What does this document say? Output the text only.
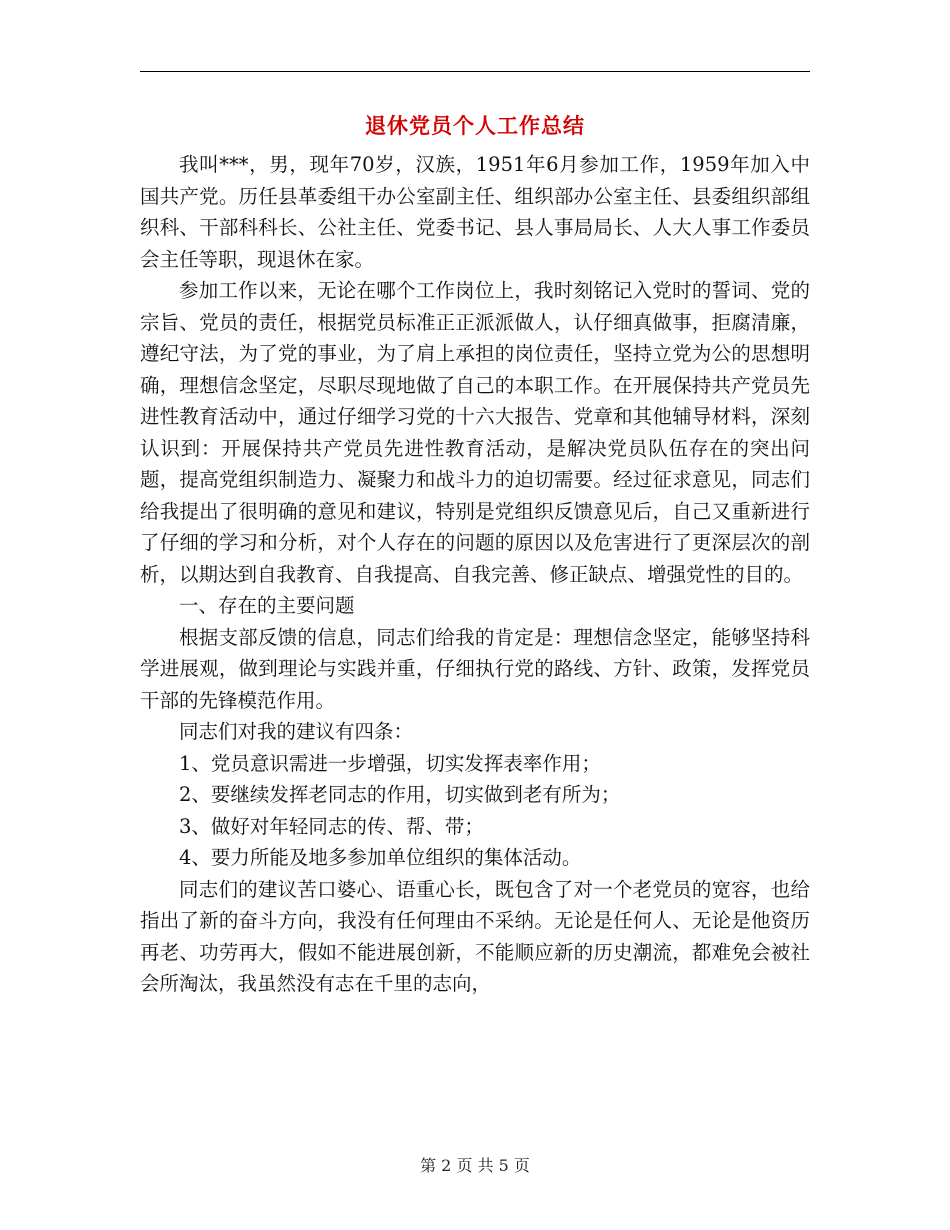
退休党员个人工作总结

我叫***，男，现年70岁，汉族，1951年6月参加工作，1959年加入中国共产党。历任县革委组干办公室副主任、组织部办公室主任、县委组织部组织科、干部科科长、公社主任、党委书记、县人事局局长、人大人事工作委员会主任等职，现退休在家。

参加工作以来，无论在哪个工作岗位上，我时刻铭记入党时的誓词、党的宗旨、党员的责任，根据党员标准正正派派做人，认仔细真做事，拒腐清廉，遵纪守法，为了党的事业，为了肩上承担的岗位责任，坚持立党为公的思想明确，理想信念坚定，尽职尽现地做了自己的本职工作。在开展保持共产党员先进性教育活动中，通过仔细学习党的十六大报告、党章和其他辅导材料，深刻认识到：开展保持共产党员先进性教育活动，是解决党员队伍存在的突出问题，提高党组织制造力、凝聚力和战斗力的迫切需要。经过征求意见，同志们给我提出了很明确的意见和建议，特别是党组织反馈意见后，自己又重新进行了仔细的学习和分析，对个人存在的问题的原因以及危害进行了更深层次的剖析，以期达到自我教育、自我提高、自我完善、修正缺点、增强党性的目的。

一、存在的主要问题

根据支部反馈的信息，同志们给我的肯定是：理想信念坚定，能够坚持科学进展观，做到理论与实践并重，仔细执行党的路线、方针、政策，发挥党员干部的先锋模范作用。

同志们对我的建议有四条：

1、党员意识需进一步增强，切实发挥表率作用；

2、要继续发挥老同志的作用，切实做到老有所为；

3、做好对年轻同志的传、帮、带；

4、要力所能及地多参加单位组织的集体活动。

同志们的建议苦口婆心、语重心长，既包含了对一个老党员的宽容，也给指出了新的奋斗方向，我没有任何理由不采纳。无论是任何人、无论是他资历再老、功劳再大，假如不能进展创新，不能顺应新的历史潮流，都难免会被社会所淘汰，我虽然没有志在千里的志向，

第 2 页 共 5 页
